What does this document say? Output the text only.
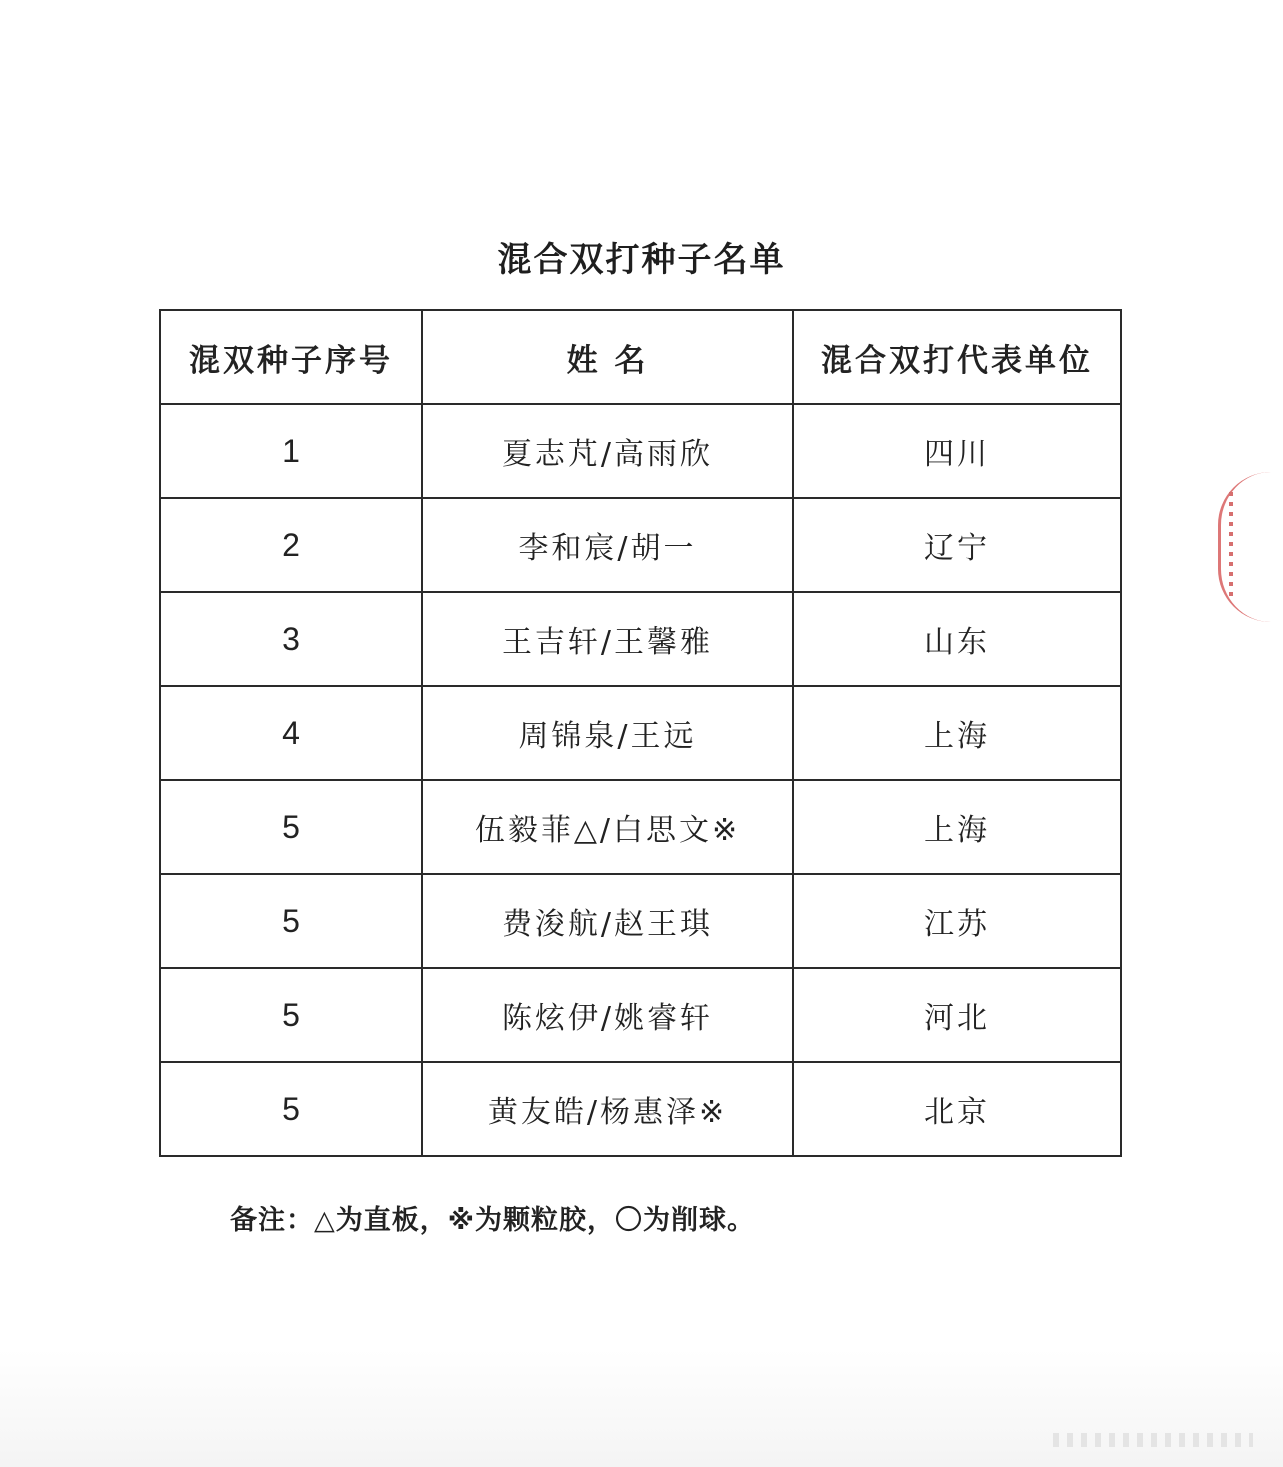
混合双打种子名单
混双种子序号	姓 名	混合双打代表单位
1	夏志芃/高雨欣	四川
2	李和宸/胡一	辽宁
3	王吉轩/王馨雅	山东
4	周锦泉/王远	上海
5	伍毅菲△/白思文※	上海
5	费浚航/赵王琪	江苏
5	陈炫伊/姚睿轩	河北
5	黄友皓/杨惠泽※	北京
备注：△为直板，※为颗粒胶，〇为削球。
